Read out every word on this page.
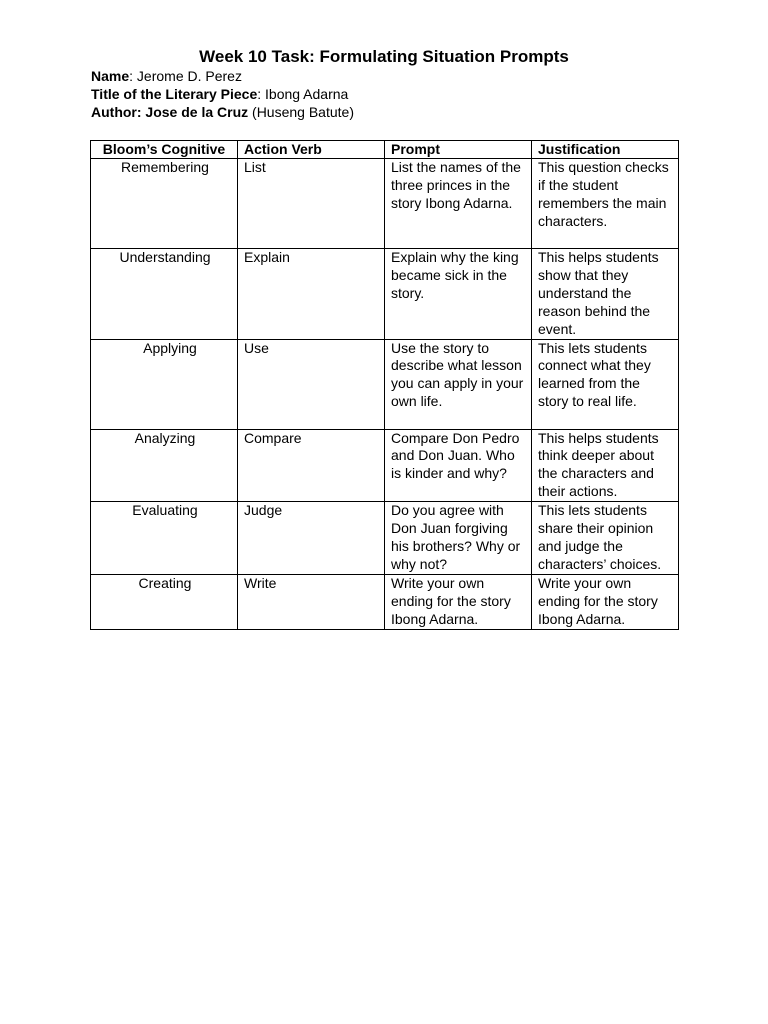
Week 10 Task: Formulating Situation Prompts
Name: Jerome D. Perez
Title of the Literary Piece: Ibong Adarna
Author: Jose de la Cruz (Huseng Batute)
Bloom’s Cognitive	Action Verb	Prompt	Justification
Remembering	List	List the names of the three princes in the story Ibong Adarna.	This question checks if the student remembers the main characters.
Understanding	Explain	Explain why the king became sick in the story.	This helps students show that they understand the reason behind the event.
Applying	Use	Use the story to describe what lesson you can apply in your own life.	This lets students connect what they learned from the story to real life.
Analyzing	Compare	Compare Don Pedro and Don Juan. Who is kinder and why?	This helps students think deeper about the characters and their actions.
Evaluating	Judge	Do you agree with Don Juan forgiving his brothers? Why or why not?	This lets students share their opinion and judge the characters’ choices.
Creating	Write	Write your own ending for the story Ibong Adarna.	Write your own ending for the story Ibong Adarna.
